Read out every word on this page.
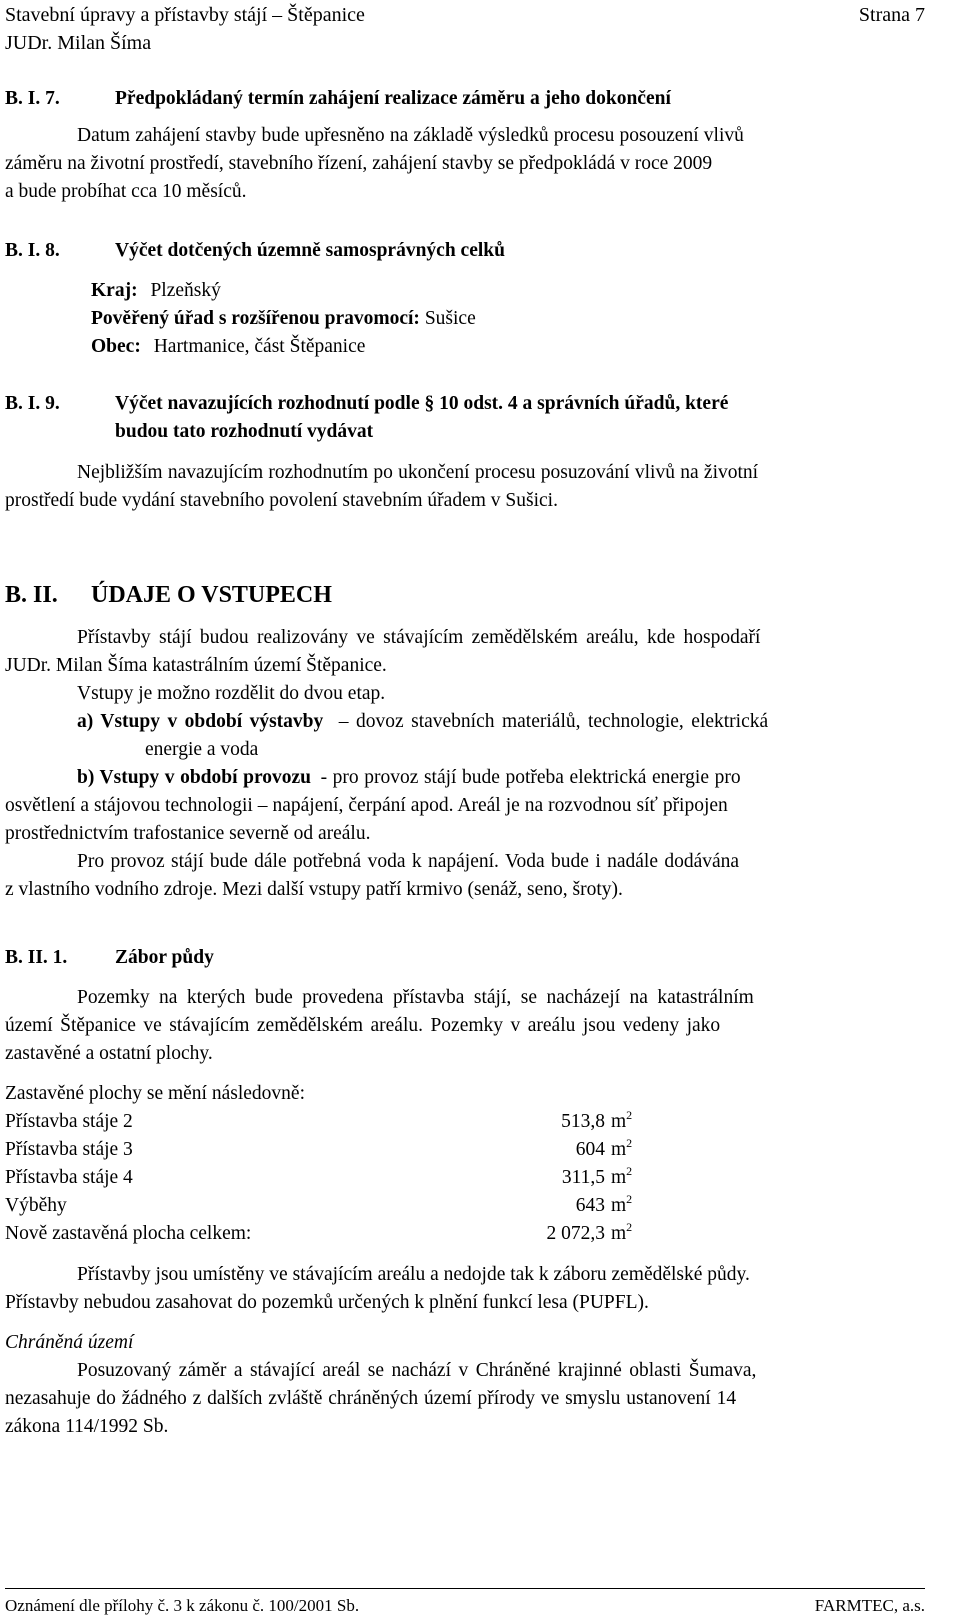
Stavební úpravy a přístavby stájí – Štěpanice	Strana 7
JUDr. Milan Šíma
B. I. 7.	Předpokládaný termín zahájení realizace záměru a jeho dokončení
Datum zahájení stavby bude upřesněno na základě výsledků procesu posouzení vlivů
záměru na životní prostředí, stavebního řízení, zahájení stavby se předpokládá v roce 2009
a bude probíhat cca 10 měsíců.
B. I. 8.	Výčet dotčených územně samosprávných celků
Kraj: Plzeňský
Pověřený úřad s rozšířenou pravomocí: Sušice
Obec: Hartmanice, část Štěpanice
B. I. 9.	Výčet navazujících rozhodnutí podle § 10 odst. 4 a správních úřadů, které
budou tato rozhodnutí vydávat
Nejbližším navazujícím rozhodnutím po ukončení procesu posuzování vlivů na životní
prostředí bude vydání stavebního povolení stavebním úřadem v Sušici.
B. II. ÚDAJE O VSTUPECH
Přístavby stájí budou realizovány ve stávajícím zemědělském areálu, kde hospodaří
JUDr. Milan Šíma katastrálním území Štěpanice.
Vstupy je možno rozdělit do dvou etap.
a) Vstupy v období výstavby – dovoz stavebních materiálů, technologie, elektrická
energie a voda
b) Vstupy v období provozu - pro provoz stájí bude potřeba elektrická energie pro
osvětlení a stájovou technologii – napájení, čerpání apod. Areál je na rozvodnou síť připojen
prostřednictvím trafostanice severně od areálu.
Pro provoz stájí bude dále potřebná voda k napájení. Voda bude i nadále dodávána
z vlastního vodního zdroje. Mezi další vstupy patří krmivo (senáž, seno, šroty).
B. II. 1. Zábor půdy
Pozemky na kterých bude provedena přístavba stájí, se nacházejí na katastrálním
území Štěpanice ve stávajícím zemědělském areálu. Pozemky v areálu jsou vedeny jako
zastavěné a ostatní plochy.
Zastavěné plochy se mění následovně:
Přístavba stáje 2	513,8 $m^2$
Přístavba stáje 3	604 $m^2$
Přístavba stáje 4	311,5 $m^2$
Výběhy	643 $m^2$
Nově zastavěná plocha celkem:	2 072,3 $m^2$
Přístavby jsou umístěny ve stávajícím areálu a nedojde tak k záboru zemědělské půdy.
Přístavby nebudou zasahovat do pozemků určených k plnění funkcí lesa (PUPFL).
Chráněná území
Posuzovaný záměr a stávající areál se nachází v Chráněné krajinné oblasti Šumava,
nezasahuje do žádného z dalších zvláště chráněných území přírody ve smyslu ustanovení 14
zákona 114/1992 Sb.
Oznámení dle přílohy č. 3 k zákonu č. 100/2001 Sb.	FARMTEC, a.s.
